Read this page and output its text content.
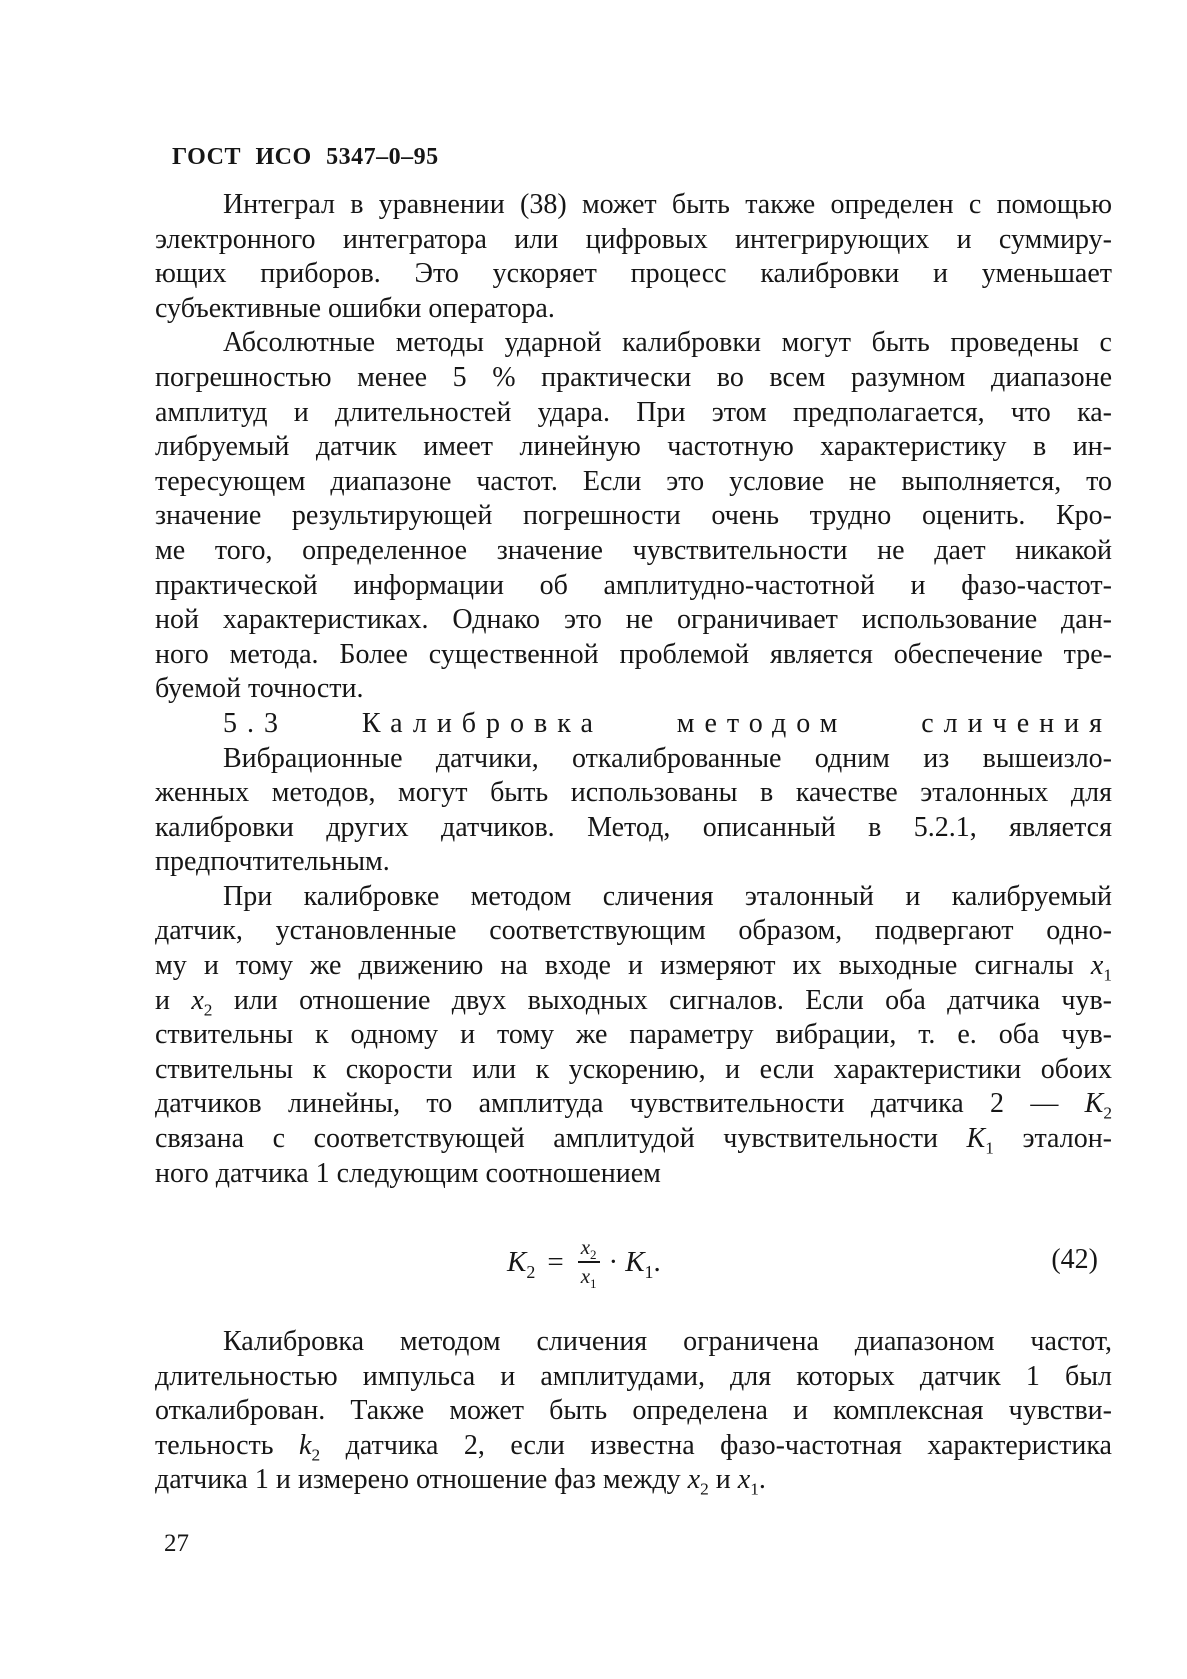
ГОСТ ИСО 5347–0–95
Интеграл в уравнении (38) может быть также определен с помощью
электронного интегратора или цифровых интегрирующих и суммиру-
ющих приборов. Это ускоряет процесс калибровки и уменьшает
субъективные ошибки оператора.
Абсолютные методы ударной калибровки могут быть проведены с
погрешностью менее 5 % практически во всем разумном диапазоне
амплитуд и длительностей удара. При этом предполагается, что ка-
либруемый датчик имеет линейную частотную характеристику в ин-
тересующем диапазоне частот. Если это условие не выполняется, то
значение результирующей погрешности очень трудно оценить. Кро-
ме того, определенное значение чувствительности не дает никакой
практической информации об амплитудно-частотной и фазо-частот-
ной характеристиках. Однако это не ограничивает использование дан-
ного метода. Более существенной проблемой является обеспечение тре-
буемой точности.
5.3 Калибровка методом сличения
Вибрационные датчики, откалиброванные одним из вышеизло-
женных методов, могут быть использованы в качестве эталонных для
калибровки других датчиков. Метод, описанный в 5.2.1, является
предпочтительным.
При калибровке методом сличения эталонный и калибруемый
датчик, установленные соответствующим образом, подвергают одно-
му и тому же движению на входе и измеряют их выходные сигналы $x_1$
и $x_2$ или отношение двух выходных сигналов. Если оба датчика чув-
ствительны к одному и тому же параметру вибрации, т. е. оба чув-
ствительны к скорости или к ускорению, и если характеристики обоих
датчиков линейны, то амплитуда чувствительности датчика 2 — $K_2$
связана с соответствующей амплитудой чувствительности $K_1$ эталон-
ного датчика 1 следующим соотношением
$K_2 = \frac{x_2}{x_1} \cdot K_1$.	(42)
Калибровка методом сличения ограничена диапазоном частот,
длительностью импульса и амплитудами, для которых датчик 1 был
откалиброван. Также может быть определена и комплексная чувстви-
тельность $k_2$ датчика 2, если известна фазо-частотная характеристика
датчика 1 и измерено отношение фаз между $x_2$ и $x_1$.
27
